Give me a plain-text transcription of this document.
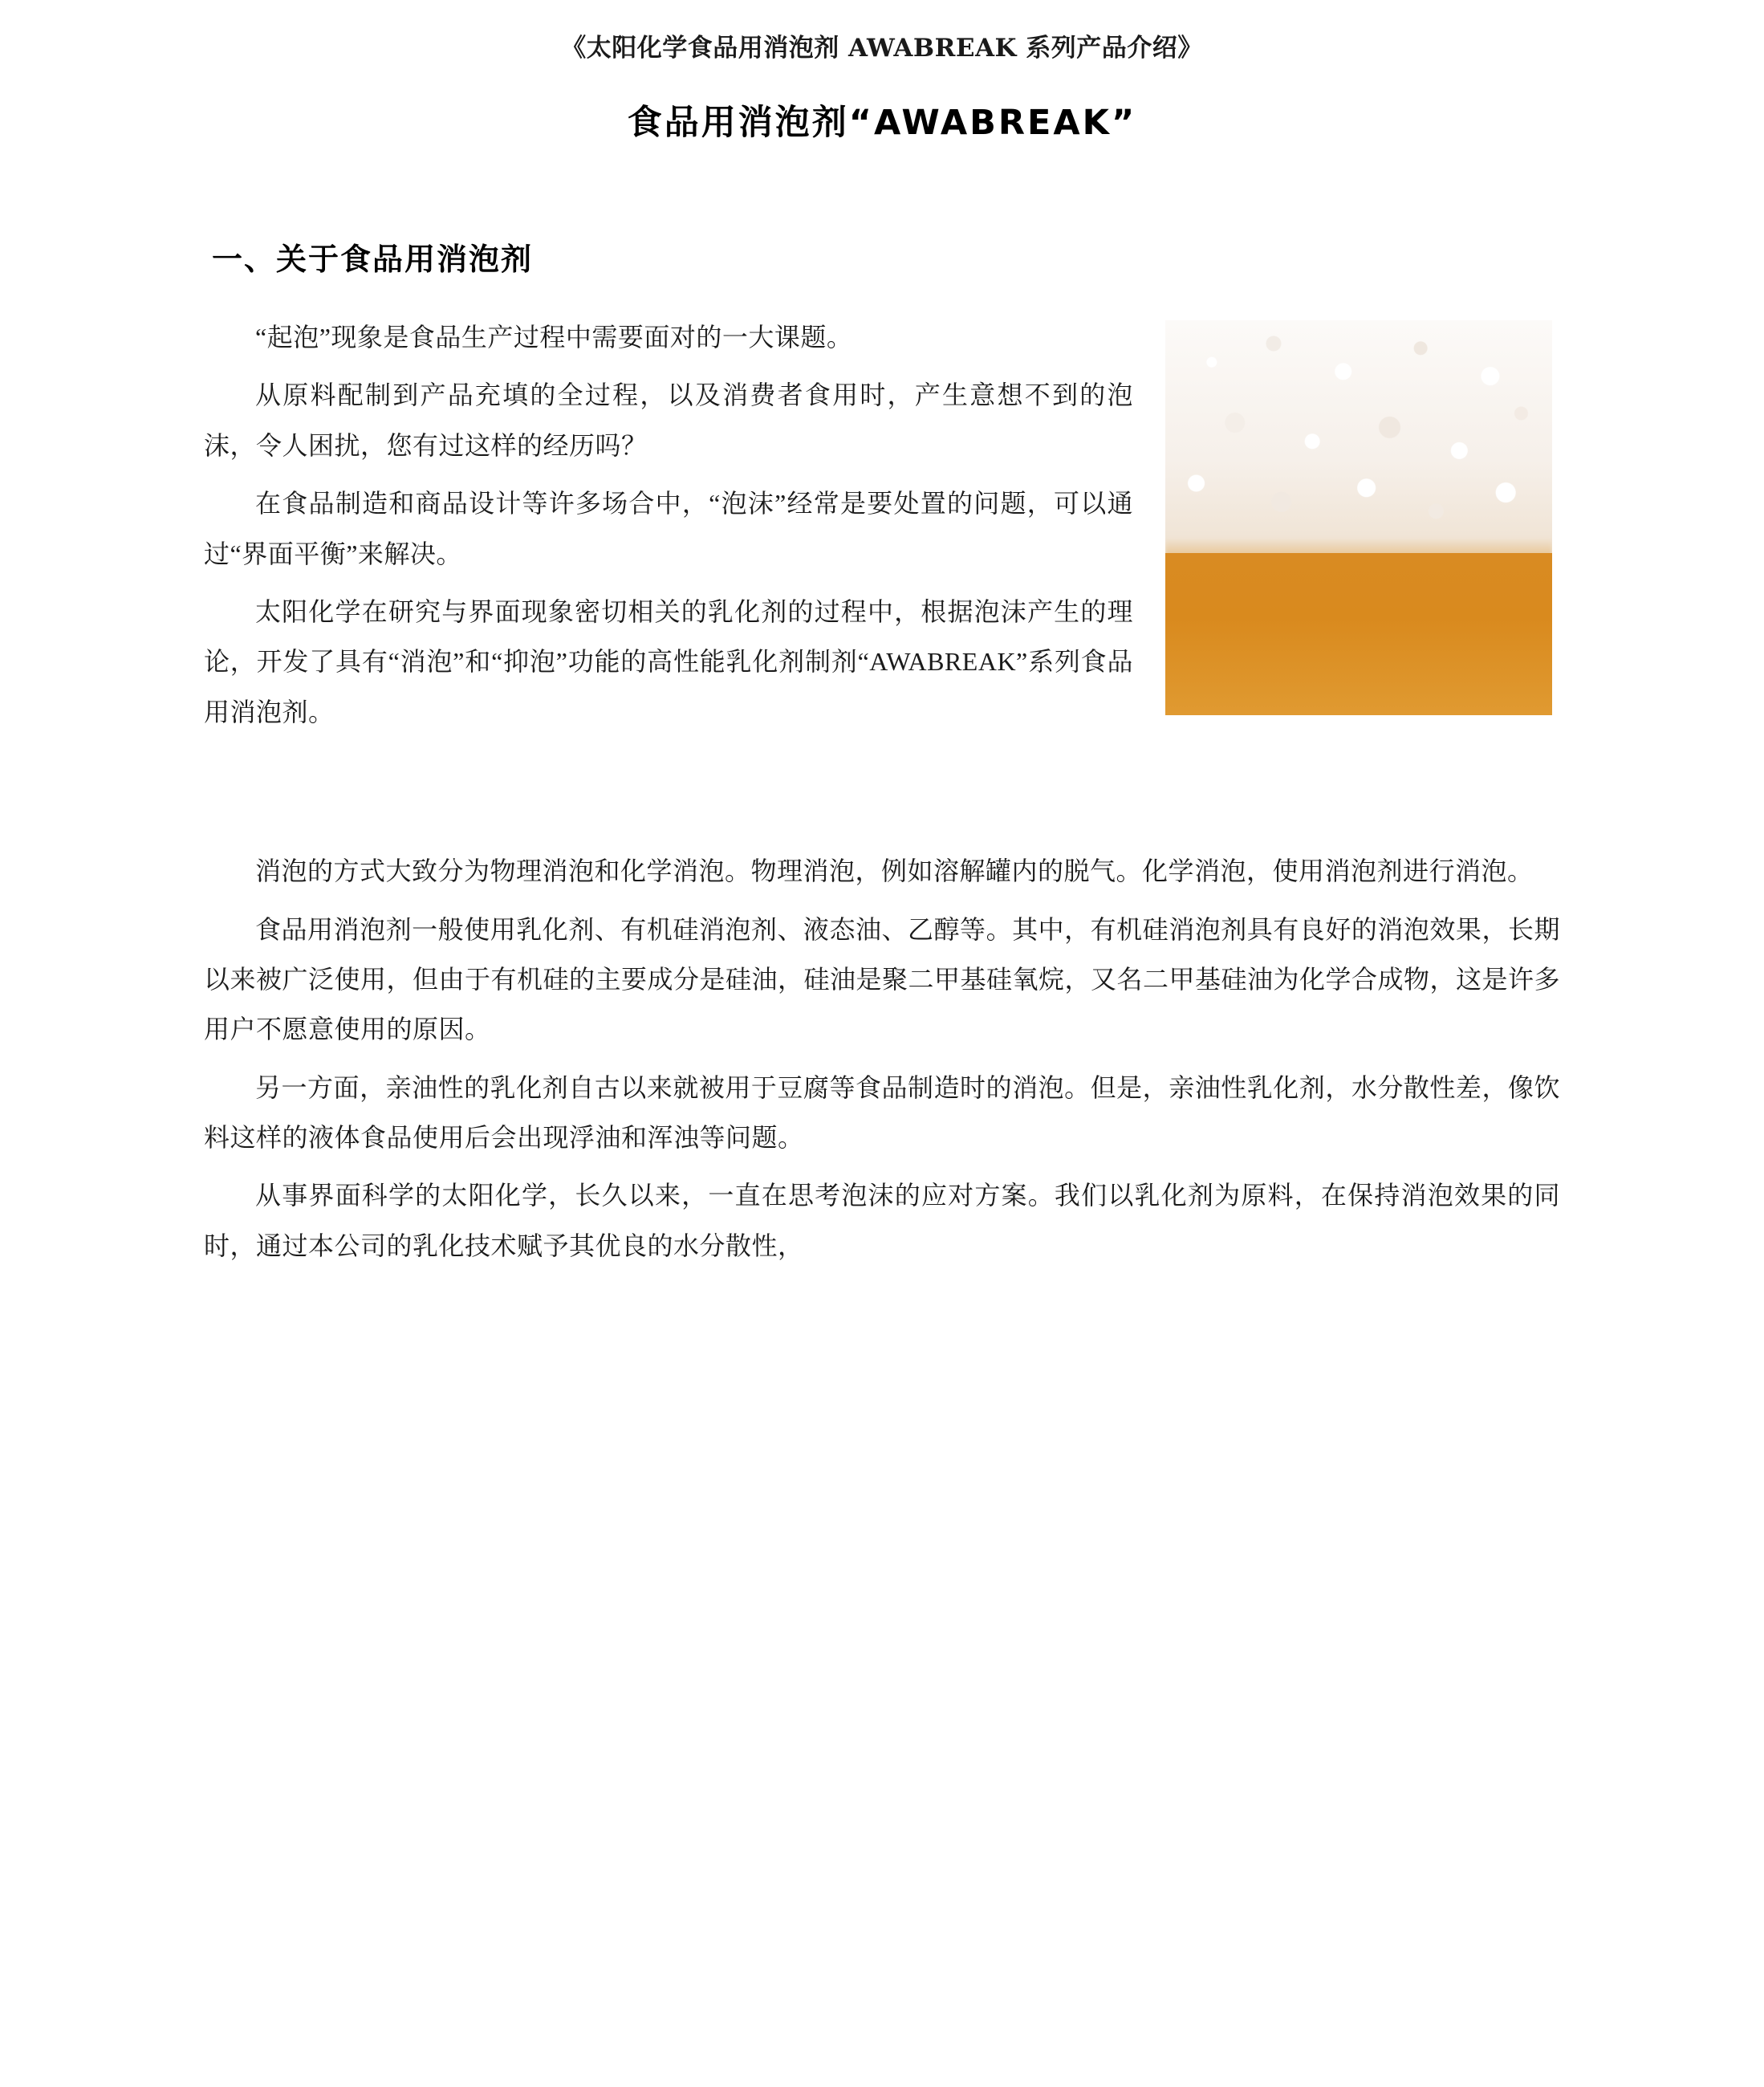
《太阳化学食品用消泡剂 AWABREAK 系列产品介绍》
食品用消泡剂“AWABREAK”
一、关于食品用消泡剂

“起泡”现象是食品生产过程中需要面对的一大课题。

从原料配制到产品充填的全过程，以及消费者食用时，产生意想不到的泡沫，令人困扰，您有过这样的经历吗？

在食品制造和商品设计等许多场合中，“泡沫”经常是要处置的问题，可以通过“界面平衡”来解决。

太阳化学在研究与界面现象密切相关的乳化剂的过程中，根据泡沫产生的理论，开发了具有“消泡”和“抑泡”功能的高性能乳化剂制剂“AWABREAK”系列食品用消泡剂。

消泡的方式大致分为物理消泡和化学消泡。物理消泡，例如溶解罐内的脱气。化学消泡，使用消泡剂进行消泡。

食品用消泡剂一般使用乳化剂、有机硅消泡剂、液态油、乙醇等。其中，有机硅消泡剂具有良好的消泡效果，长期以来被广泛使用，但由于有机硅的主要成分是硅油，硅油是聚二甲基硅氧烷，又名二甲基硅油为化学合成物，这是许多用户不愿意使用的原因。

另一方面，亲油性的乳化剂自古以来就被用于豆腐等食品制造时的消泡。但是，亲油性乳化剂，水分散性差，像饮料这样的液体食品使用后会出现浮油和浑浊等问题。

从事界面科学的太阳化学，长久以来，一直在思考泡沫的应对方案。我们以乳化剂为原料，在保持消泡效果的同时，通过本公司的乳化技术赋予其优良的水分散性，
